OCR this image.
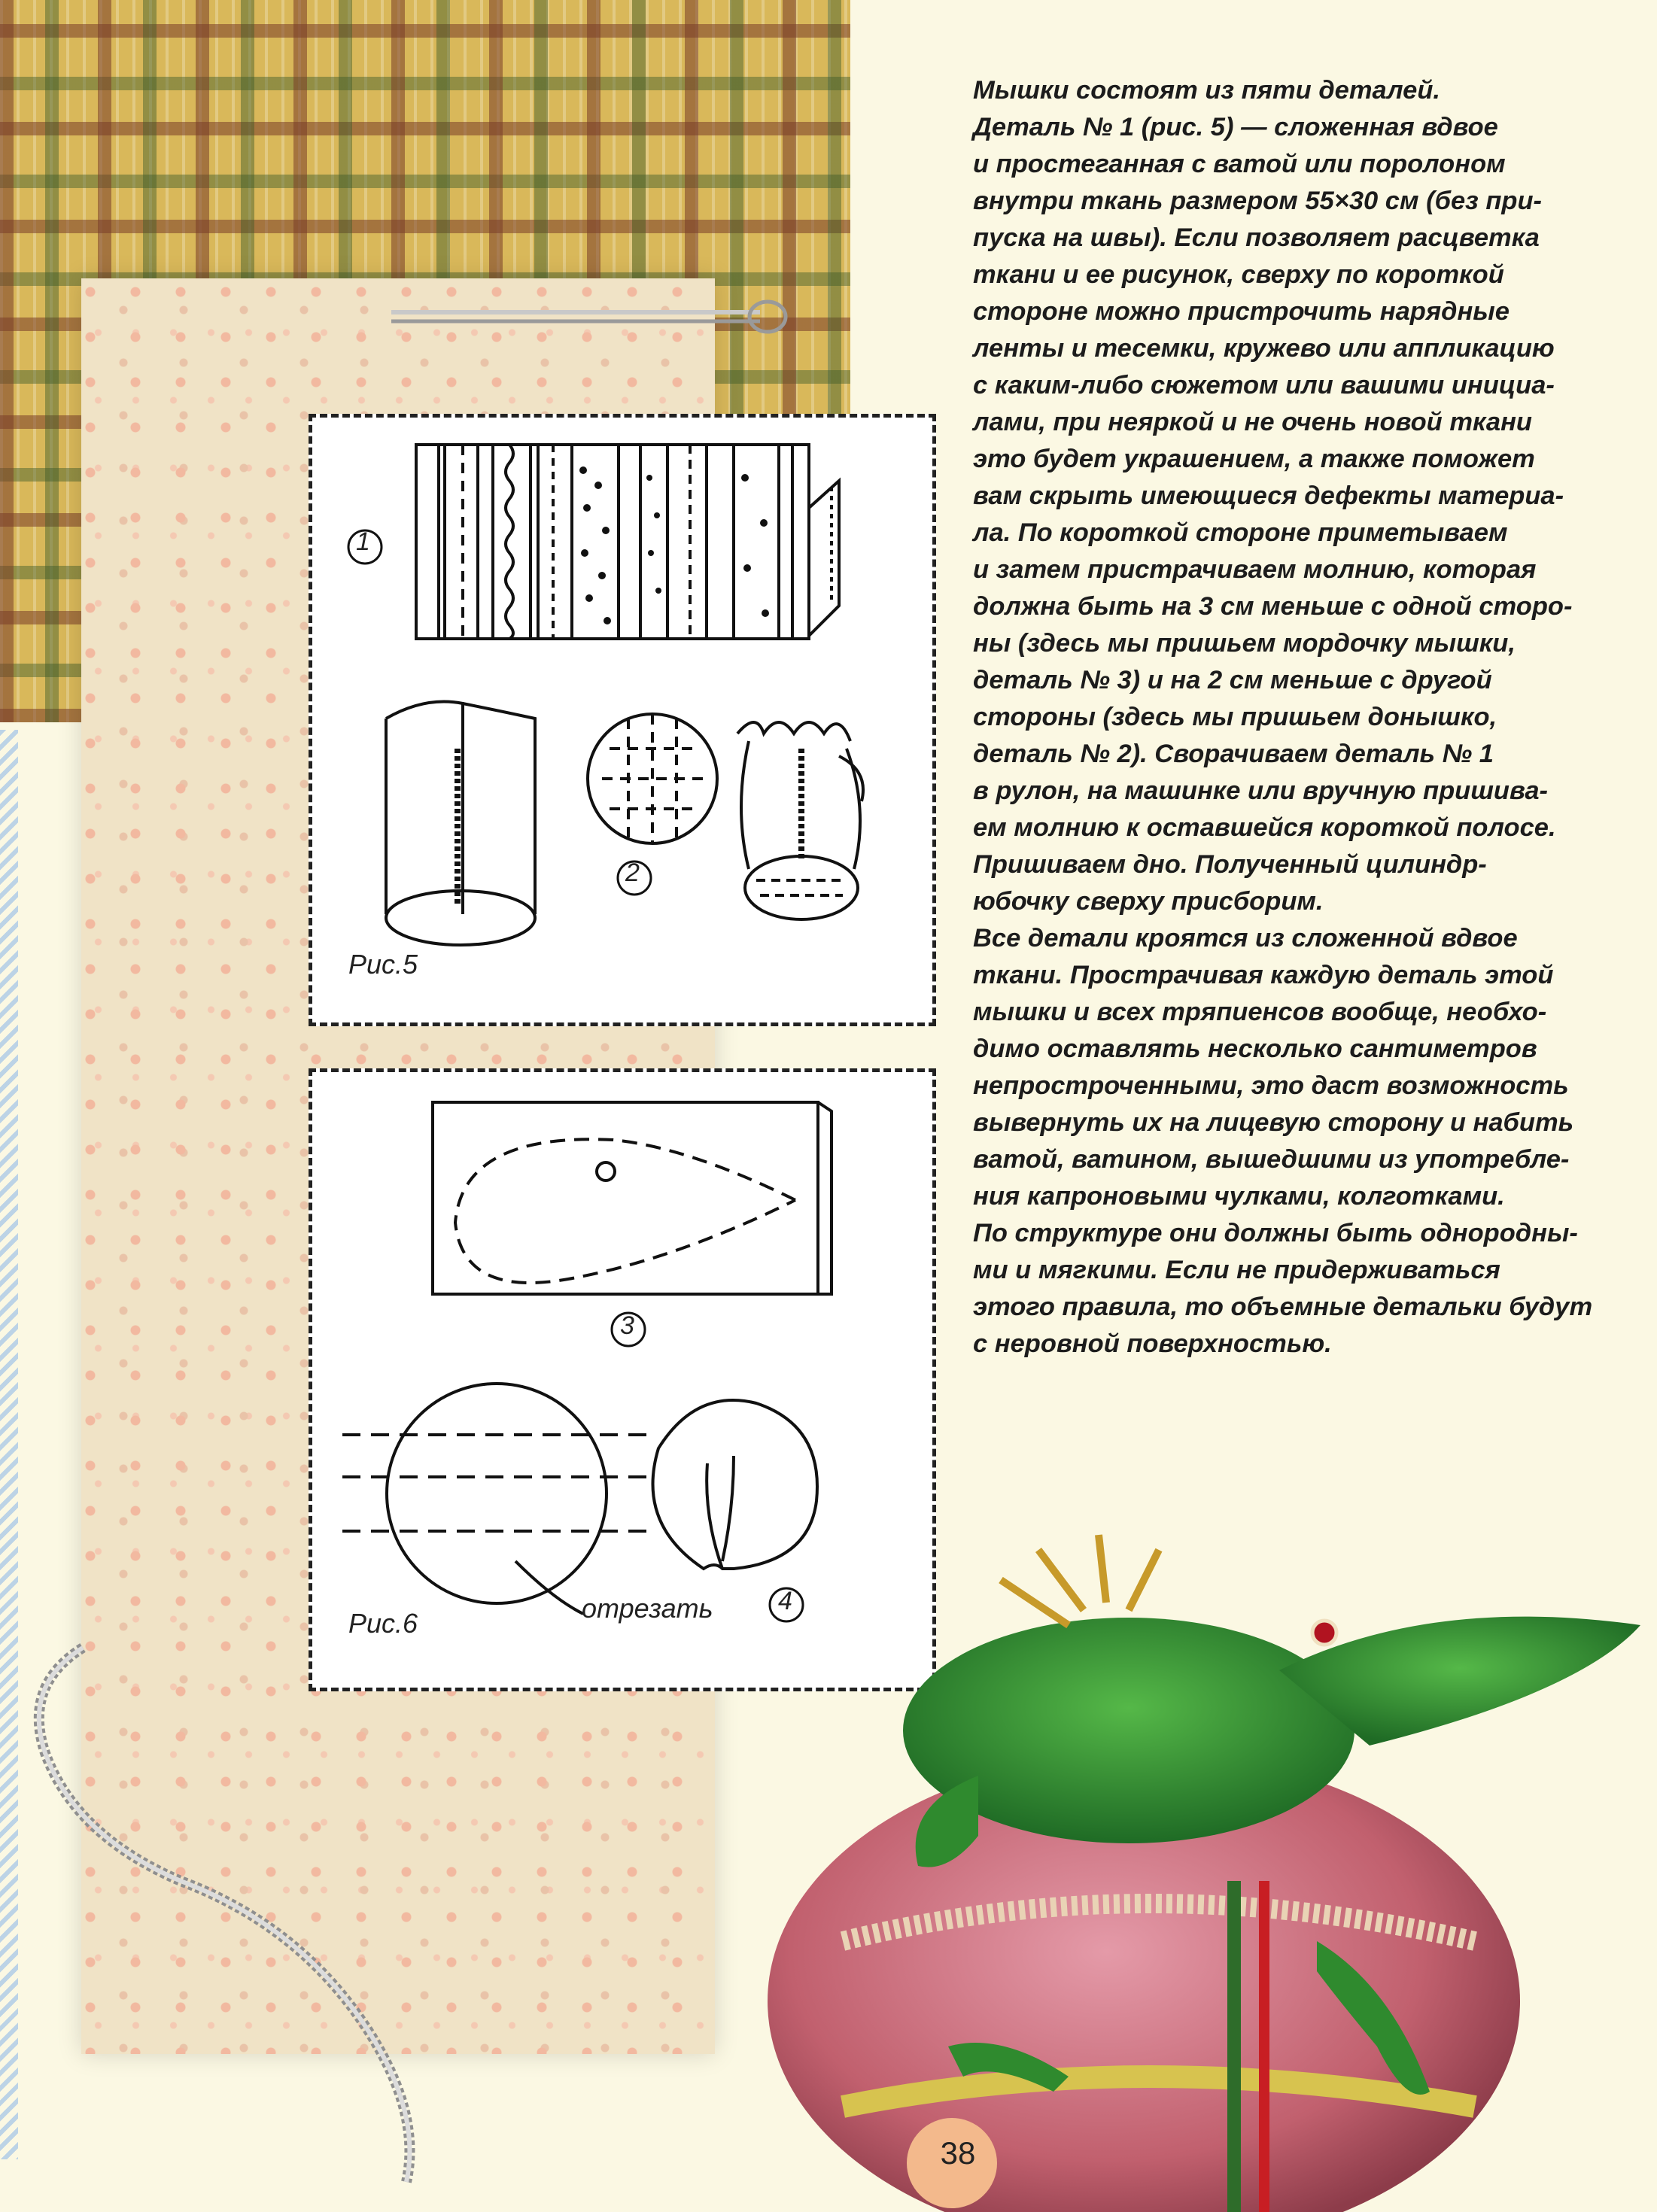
1
2
Рис.5
3
отрезать	4
Рис.6
Мышки состоят из пяти деталей.
Деталь № 1 (рис. 5) — сложенная вдвое
и простеганная с ватой или поролоном
внутри ткань размером 55×30 см (без при-
пуска на швы). Если позволяет расцветка
ткани и ее рисунок, сверху по короткой
стороне можно пристрочить нарядные
ленты и тесемки, кружево или аппликацию
с каким-либо сюжетом или вашими инициа-
лами, при неяркой и не очень новой ткани
это будет украшением, а также поможет
вам скрыть имеющиеся дефекты материа-
ла. По короткой стороне приметываем
и затем пристрачиваем молнию, которая
должна быть на 3 см меньше с одной сторо-
ны (здесь мы пришьем мордочку мышки,
деталь № 3) и на 2 см меньше с другой
стороны (здесь мы пришьем донышко,
деталь № 2). Сворачиваем деталь № 1
в рулон, на машинке или вручную пришива-
ем молнию к оставшейся короткой полосе.
Пришиваем дно. Полученный цилиндр-
юбочку сверху присборим.
Все детали кроятся из сложенной вдвое
ткани. Прострачивая каждую деталь этой
мышки и всех тряпиенсов вообще, необхо-
димо оставлять несколько сантиметров
непростроченными, это даст возможность
вывернуть их на лицевую сторону и набить
ватой, ватином, вышедшими из употребле-
ния капроновыми чулками, колготками.
По структуре они должны быть однородны-
ми и мягкими. Если не придерживаться
этого правила, то объемные детальки будут
с неровной поверхностью.
38
